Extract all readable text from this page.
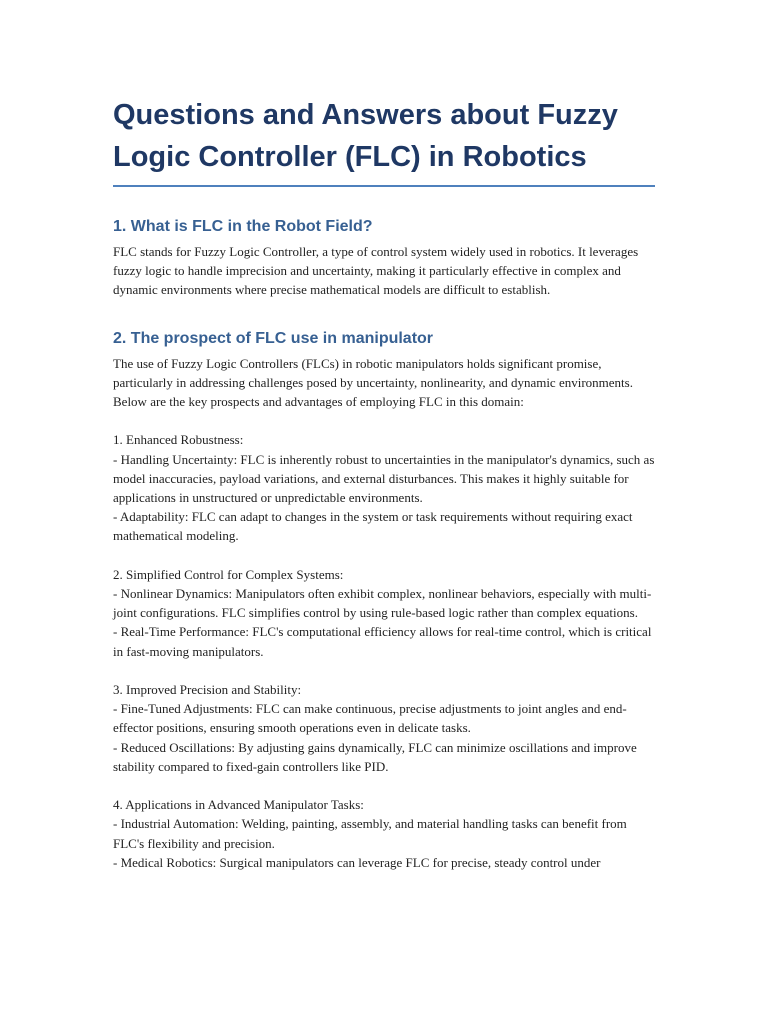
Questions and Answers about Fuzzy Logic Controller (FLC) in Robotics
1. What is FLC in the Robot Field?

FLC stands for Fuzzy Logic Controller, a type of control system widely used in robotics. It leverages fuzzy logic to handle imprecision and uncertainty, making it particularly effective in complex and dynamic environments where precise mathematical models are difficult to establish.

2. The prospect of FLC use in manipulator

The use of Fuzzy Logic Controllers (FLCs) in robotic manipulators holds significant promise, particularly in addressing challenges posed by uncertainty, nonlinearity, and dynamic environments. Below are the key prospects and advantages of employing FLC in this domain:

1. Enhanced Robustness:

- Handling Uncertainty: FLC is inherently robust to uncertainties in the manipulator's dynamics, such as model inaccuracies, payload variations, and external disturbances. This makes it highly suitable for applications in unstructured or unpredictable environments.

- Adaptability: FLC can adapt to changes in the system or task requirements without requiring exact mathematical modeling.

2. Simplified Control for Complex Systems:

- Nonlinear Dynamics: Manipulators often exhibit complex, nonlinear behaviors, especially with multi-joint configurations. FLC simplifies control by using rule-based logic rather than complex equations.

- Real-Time Performance: FLC's computational efficiency allows for real-time control, which is critical in fast-moving manipulators.

3. Improved Precision and Stability:

- Fine-Tuned Adjustments: FLC can make continuous, precise adjustments to joint angles and end-effector positions, ensuring smooth operations even in delicate tasks.

- Reduced Oscillations: By adjusting gains dynamically, FLC can minimize oscillations and improve stability compared to fixed-gain controllers like PID.

4. Applications in Advanced Manipulator Tasks:

- Industrial Automation: Welding, painting, assembly, and material handling tasks can benefit from FLC's flexibility and precision.

- Medical Robotics: Surgical manipulators can leverage FLC for precise, steady control under
